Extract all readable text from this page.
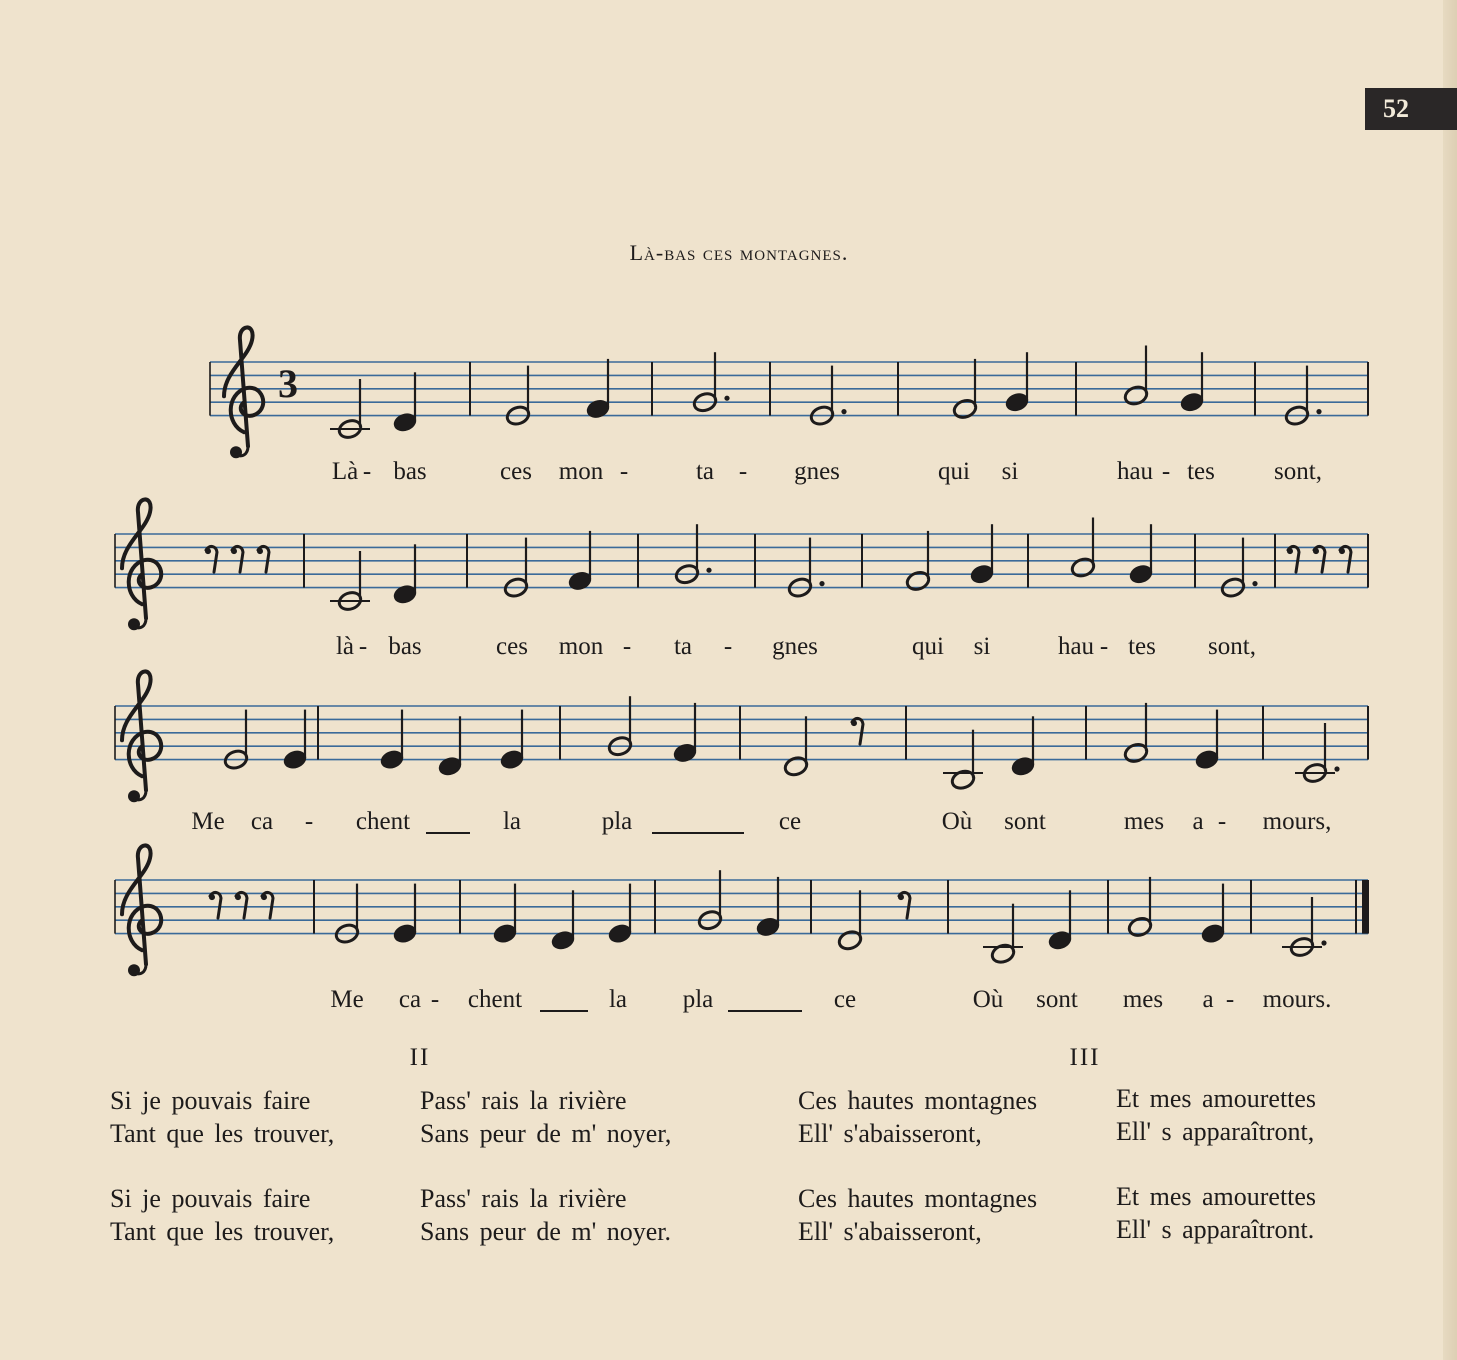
52
Là-bas ces montagnes.
3
Là - bas	ces mon -	ta - gnes	qui si	hau - tes sont,
là - bas	ces mon - ta - gnes	qui si	hau - tes sont,
Me ca - chent	la	pla	ce	Où sont	mes a - mours,
Me ca - chent	la pla	ce	Où sont mes a - mours.
II	III
Si je pouvais faire
Tant que les trouver,
Pass' rais la rivière
Sans peur de m' noyer,
Ces hautes montagnes
Ell' s'abaisseront,
Et mes amourettes
Ell' s apparaîtront,
Si je pouvais faire
Tant que les trouver,
Pass' rais la rivière
Sans peur de m' noyer.
Ces hautes montagnes
Ell' s'abaisseront,
Et mes amourettes
Ell' s apparaîtront.
